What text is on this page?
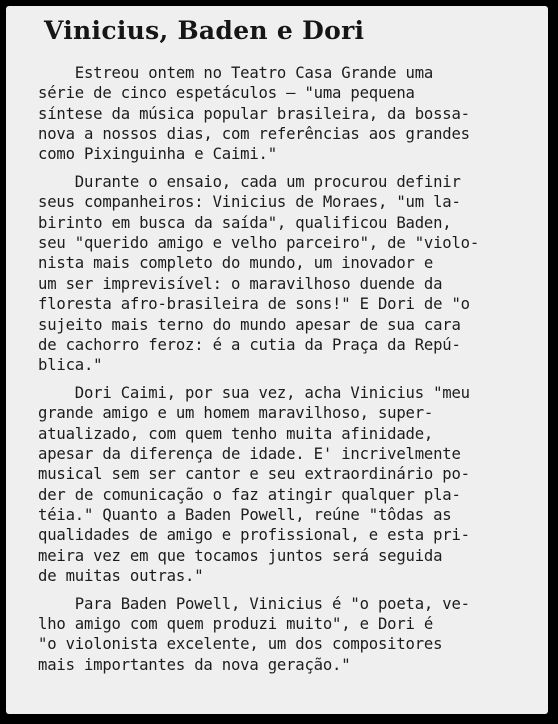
Vinicius, Baden e Dori

Estreou ontem no Teatro Casa Grande uma
série de cinco espetáculos — "uma pequena
síntese da música popular brasileira, da bossa-
nova a nossos dias, com referências aos grandes
como Pixinguinha e Caimi."

Durante o ensaio, cada um procurou definir
seus companheiros: Vinicius de Moraes, "um la-
birinto em busca da saída", qualificou Baden,
seu "querido amigo e velho parceiro", de "violo-
nista mais completo do mundo, um inovador e
um ser imprevisível: o maravilhoso duende da
floresta afro-brasileira de sons!" E Dori de "o
sujeito mais terno do mundo apesar de sua cara
de cachorro feroz: é a cutia da Praça da Repú-
blica."

Dori Caimi, por sua vez, acha Vinicius "meu
grande amigo e um homem maravilhoso, super-
atualizado, com quem tenho muita afinidade,
apesar da diferença de idade. E' incrivelmente
musical sem ser cantor e seu extraordinário po-
der de comunicação o faz atingir qualquer pla-
téia." Quanto a Baden Powell, reúne "tôdas as
qualidades de amigo e profissional, e esta pri-
meira vez em que tocamos juntos será seguida
de muitas outras."

Para Baden Powell, Vinicius é "o poeta, ve-
lho amigo com quem produzi muito", e Dori é
"o violonista excelente, um dos compositores
mais importantes da nova geração."
